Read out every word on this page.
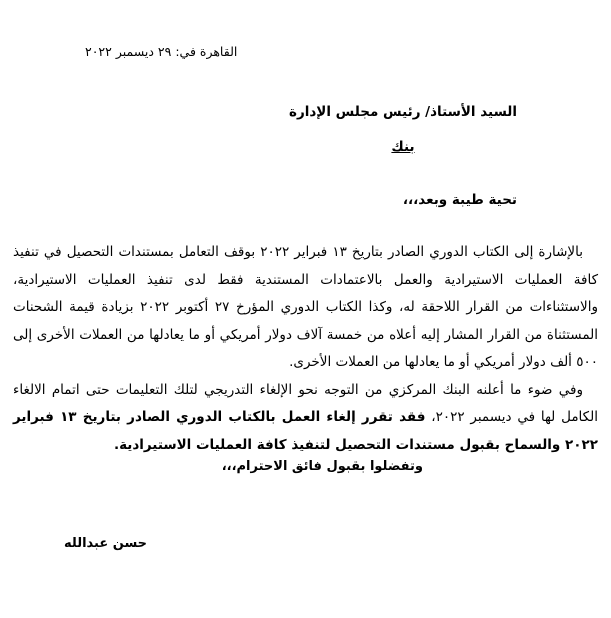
القاهرة في: ٢٩ ديسمبر ٢٠٢٢
السيد الأستاذ/ رئيس مجلس الإدارة
بنك
تحية طيبة وبعد،،،

بالإشارة إلى الكتاب الدوري الصادر بتاريخ ١٣ فبراير ٢٠٢٢ بوقف التعامل بمستندات التحصيل في تنفيذ كافة العمليات الاستيرادية والعمل بالاعتمادات المستندية فقط لدى تنفيذ العمليات الاستيرادية، والاستثناءات من القرار اللاحقة له، وكذا الكتاب الدوري المؤرخ ٢٧ أكتوبر ٢٠٢٢ بزيادة قيمة الشحنات المستثناة من القرار المشار إليه أعلاه من خمسة آلاف دولار أمريكي أو ما يعادلها من العملات الأخرى إلى ٥٠٠ ألف دولار أمريكي أو ما يعادلها من العملات الأخرى.

وفي ضوء ما أعلنه البنك المركزي من التوجه نحو الإلغاء التدريجي لتلك التعليمات حتى اتمام الالغاء الكامل لها في ديسمبر ٢٠٢٢، فقد تقرر إلغاء العمل بالكتاب الدوري الصادر بتاريخ ١٣ فبراير ٢٠٢٢ والسماح بقبول مستندات التحصيل لتنفيذ كافة العمليات الاستيرادية.

وتفضلوا بقبول فائق الاحترام،،،
حسن عبدالله
